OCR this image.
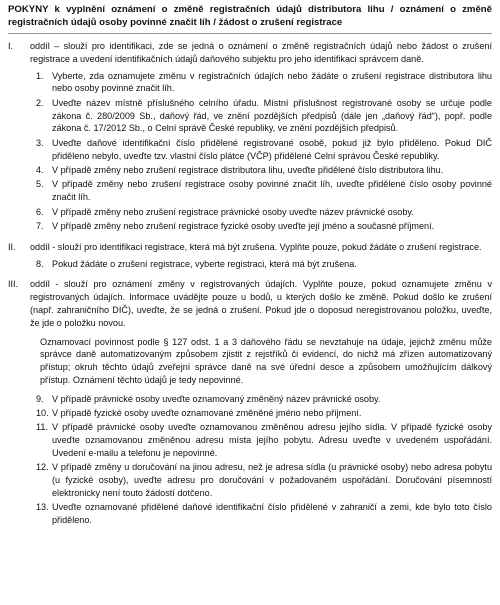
POKYNY k vyplnění oznámení o změně registračních údajů distributora lihu / oznámení o změně registračních údajů osoby povinné značit líh / žádost o zrušení registrace
I. oddíl – slouží pro identifikaci, zde se jedná o oznámení o změně registračních údajů nebo žádost o zrušení registrace a uvedení identifikačních údajů daňového subjektu pro jeho identifikaci správcem daně.

1. Vyberte, zda oznamujete změnu v registračních údajích nebo žádáte o zrušení registrace distributora lihu nebo osoby povinné značit líh.
2. Uveďte název místně příslušného celního úřadu. Místní příslušnost registrované osoby se určuje podle zákona č. 280/2009 Sb., daňový řád, ve znění pozdějších předpisů (dále jen „daňový řád“), popř. podle zákona č. 17/2012 Sb., o Celní správě České republiky, ve znění pozdějších předpisů.
3. Uveďte daňové identifikační číslo přidělené registrované osobě, pokud již bylo přiděleno. Pokud DIČ přiděleno nebylo, uveďte tzv. vlastní číslo plátce (VČP) přidělené Celní správou České republiky.
4. V případě změny nebo zrušení registrace distributora lihu, uveďte přidělené číslo distributora lihu.
5. V případě změny nebo zrušení registrace osoby povinné značit líh, uveďte přidělené číslo osoby povinné značit líh.
6. V případě změny nebo zrušení registrace právnické osoby uveďte název právnické osoby.
7. V případě změny nebo zrušení registrace fyzické osoby uveďte její jméno a současné příjmení.
II. oddíl - slouží pro identifikaci registrace, která má být zrušena. Vyplňte pouze, pokud žádáte o zrušení registrace.

8. Pokud žádáte o zrušení registrace, vyberte registraci, která má být zrušena.
III. oddíl - slouží pro oznámení změny v registrovaných údajích. Vyplňte pouze, pokud oznamujete změnu v registrovaných údajích. Informace uvádějte pouze u bodů, u kterých došlo ke změně. Pokud došlo ke zrušení (např. zahraničního DIČ), uveďte, že se jedná o zrušení. Pokud jde o doposud neregistrovanou položku, uveďte, že jde o položku novou.

Oznamovací povinnost podle § 127 odst. 1 a 3 daňového řádu se nevztahuje na údaje, jejichž změnu může správce daně automatizovaným způsobem zjistit z rejstříků či evidencí, do nichž má zřízen automatizovaný přístup; okruh těchto údajů zveřejní správce daně na své úřední desce a způsobem umožňujícím dálkový přístup. Oznámení těchto údajů je tedy nepovinné.

9. V případě právnické osoby uveďte oznamovaný změněný název právnické osoby.
10. V případě fyzické osoby uveďte oznamované změněné jméno nebo příjmení.
11. V případě právnické osoby uveďte oznamovanou změněnou adresu jejího sídla. V případě fyzické osoby uveďte oznamovanou změněnou adresu místa jejího pobytu. Adresu uveďte v uvedeném uspořádání. Uvedení e-mailu a telefonu je nepovinné.
12. V případě změny u doručování na jinou adresu, než je adresa sídla (u právnické osoby) nebo adresa pobytu (u fyzické osoby), uveďte adresu pro doručování v požadovaném uspořádání. Doručování písemností elektronicky není touto žádostí dotčeno.
13. Uveďte oznamované přidělené daňové identifikační číslo přidělené v zahraničí a zemi, kde bylo toto číslo přiděleno.
